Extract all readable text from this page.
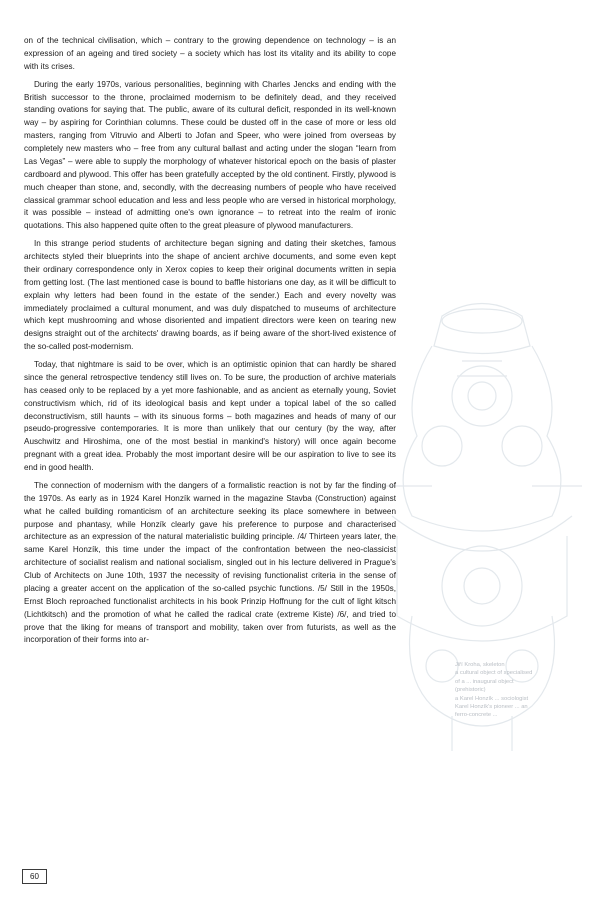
on of the technical civilisation, which – contrary to the growing dependence on technology – is an expression of an ageing and tired society – a society which has lost its vitality and its ability to cope with its crises.

During the early 1970s, various personalities, beginning with Charles Jencks and ending with the British successor to the throne, proclaimed modernism to be definitely dead, and they received standing ovations for saying that. The public, aware of its cultural deficit, responded in its well-known way – by aspiring for Corinthian columns. These could be dusted off in the case of more or less old masters, ranging from Vitruvio and Alberti to Jofan and Speer, who were joined from overseas by completely new masters who – free from any cultural ballast and acting under the slogan “learn from Las Vegas” – were able to supply the morphology of whatever historical epoch on the basis of plaster cardboard and plywood. This offer has been gratefully accepted by the old continent. Firstly, plywood is much cheaper than stone, and, secondly, with the decreasing numbers of people who have received classical grammar school education and less and less people who are versed in historical morphology, it was possible – instead of admitting one's own ignorance – to retreat into the realm of ironic quotations. This also happened quite often to the great pleasure of plywood manufacturers.

In this strange period students of architecture began signing and dating their sketches, famous architects styled their blueprints into the shape of ancient archive documents, and some even kept their ordinary correspondence only in Xerox copies to keep their original documents written in sepia from getting lost. (The last mentioned case is bound to baffle historians one day, as it will be difficult to explain why letters had been found in the estate of the sender.) Each and every novelty was immediately proclaimed a cultural monument, and was duly dispatched to museums of architecture which kept mushrooming and whose disoriented and impatient directors were keen on tearing new designs straight out of the architects' drawing boards, as if being aware of the short-lived existence of the so-called post-modernism.

Today, that nightmare is said to be over, which is an optimistic opinion that can hardly be shared since the general retrospective tendency still lives on. To be sure, the production of archive materials has ceased only to be replaced by a yet more fashionable, and as ancient as eternally young, Soviet constructivism which, rid of its ideological basis and kept under a topical label of the so called deconstructivism, still haunts – with its sinuous forms – both magazines and heads of many of our pseudo-progressive contemporaries. It is more than unlikely that our century (by the way, after Auschwitz and Hiroshima, one of the most bestial in mankind's history) will once again become pregnant with a great idea. Probably the most important desire will be our aspiration to live to see its end in good health.

The connection of modernism with the dangers of a formalistic reaction is not by far the finding of the 1970s. As early as in 1924 Karel Honzík warned in the magazine Stavba (Construction) against what he called building romanticism of an architecture seeking its place somewhere in between purpose and phantasy, while Honzík clearly gave his preference to purpose and characterised architecture as an expression of the natural materialistic building principle. /4/ Thirteen years later, the same Karel Honzík, this time under the impact of the confrontation between the neo-classicist architecture of socialist realism and national socialism, singled out in his lecture delivered in Prague's Club of Architects on June 10th, 1937 the necessity of revising functionalist criteria in the sense of placing a greater accent on the application of the so-called psychic functions. /5/ Still in the 1950s, Ernst Bloch reproached functionalist architects in his book Prinzip Hoffnung for the cult of light kitsch (Lichtkitsch) and the promotion of what he called the radical crate (extreme Kiste) /6/, and tried to prove that the liking for means of transport and mobility, taken over from futurists, as well as the incorporation of their forms into ar-

Jiří Kroha, skeleton
a cultural object of specialised
of a ... inaugural object
(prehistoric)
a Karel Honzík ... sociologist
Karel Honzík's pioneer ... an
ferro-concrete ...
60
